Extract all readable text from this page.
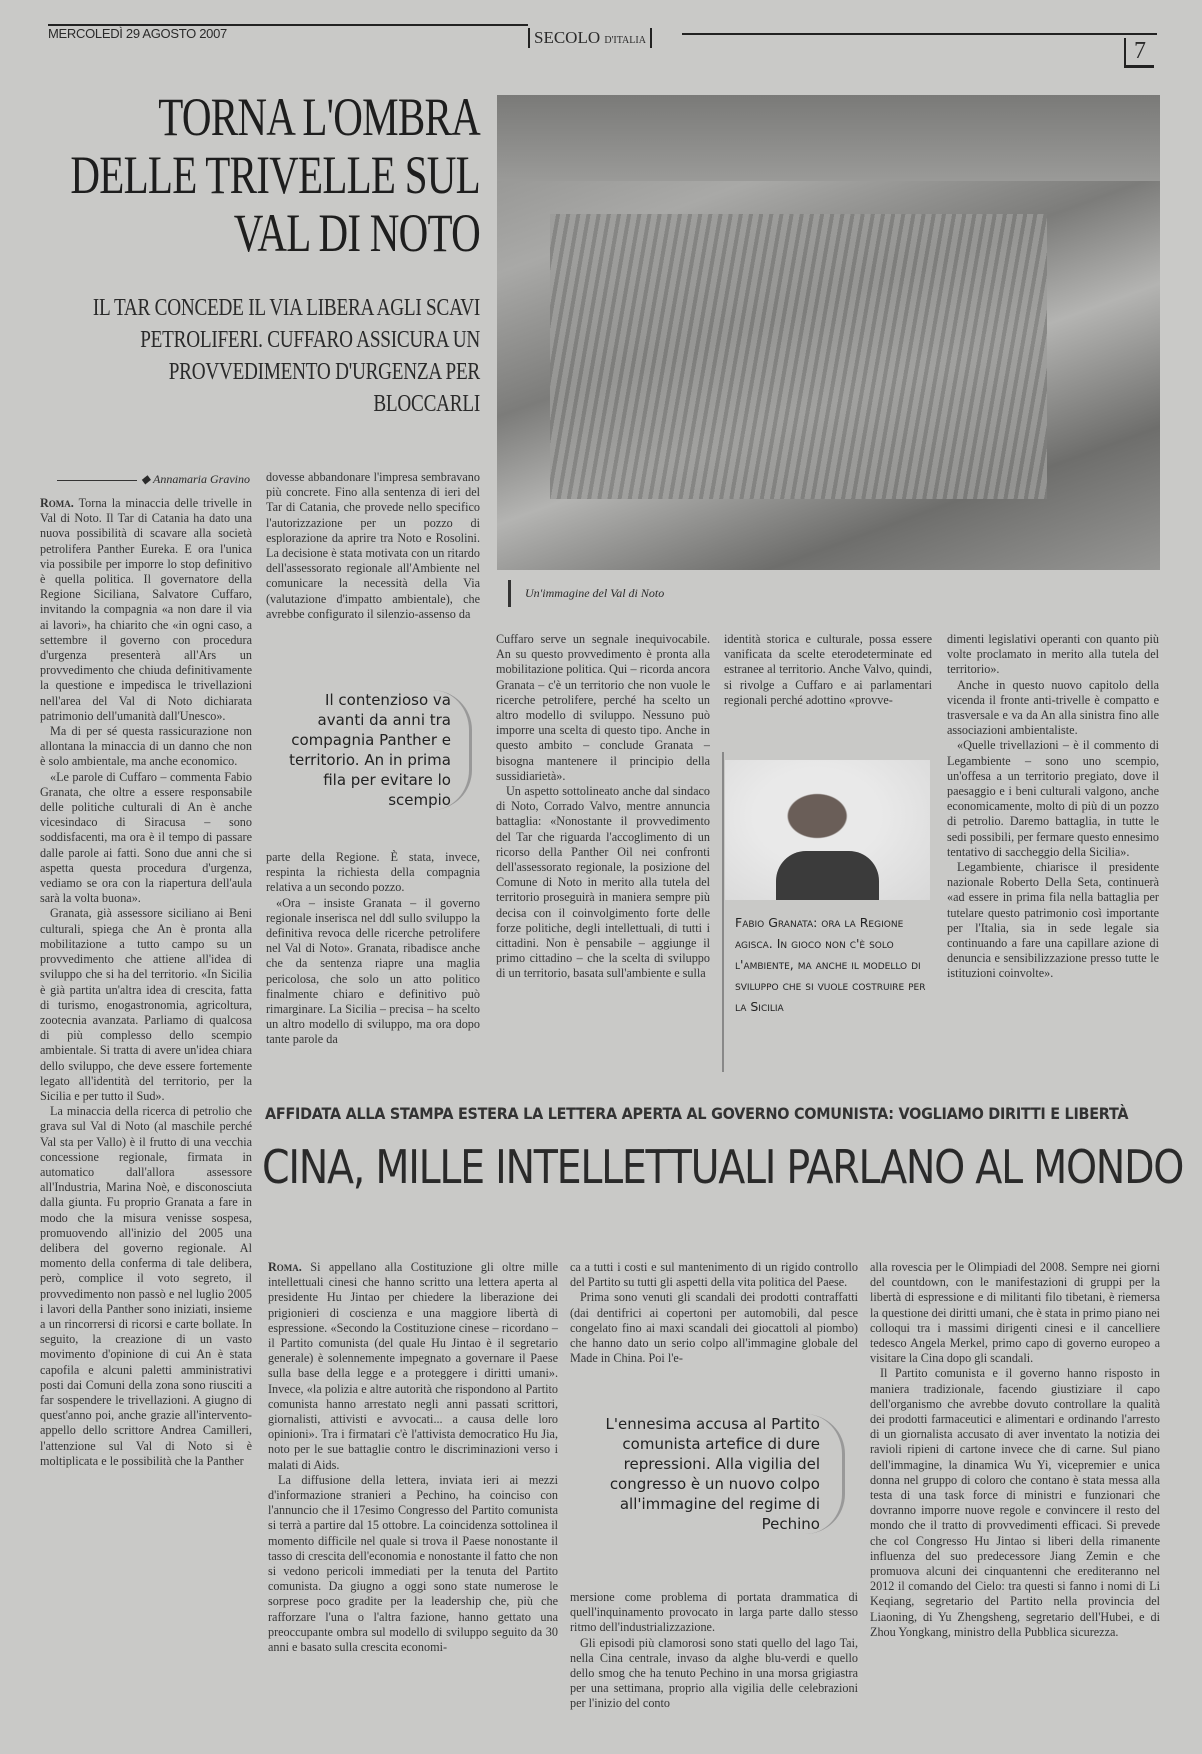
MERCOLEDÌ 29 AGOSTO 2007	SECOLO D'ITALIA	7
TORNA L'OMBRA DELLE TRIVELLE SUL VAL DI NOTO
IL TAR CONCEDE IL VIA LIBERA AGLI SCAVI PETROLIFERI. CUFFARO ASSICURA UN PROVVEDIMENTO D'URGENZA PER BLOCCARLI
Un'immagine del Val di Noto
◆ Annamaria Gravino

Roma. Torna la minaccia delle trivelle in Val di Noto. Il Tar di Catania ha dato una nuova possibilità di scavare alla società petrolifera Panther Eureka. E ora l'unica via possibile per imporre lo stop definitivo è quella politica. Il governatore della Regione Siciliana, Salvatore Cuffaro, invitando la compagnia «a non dare il via ai lavori», ha chiarito che «in ogni caso, a settembre il governo con procedura d'urgenza presenterà all'Ars un provvedimento che chiuda definitivamente la questione e impedisca le trivellazioni nell'area del Val di Noto dichiarata patrimonio dell'umanità dall'Unesco».

Ma di per sé questa rassicurazione non allontana la minaccia di un danno che non è solo ambientale, ma anche economico.

«Le parole di Cuffaro – commenta Fabio Granata, che oltre a essere responsabile delle politiche culturali di An è anche vicesindaco di Siracusa – sono soddisfacenti, ma ora è il tempo di passare dalle parole ai fatti. Sono due anni che si aspetta questa procedura d'urgenza, vediamo se ora con la riapertura dell'aula sarà la volta buona».

Granata, già assessore siciliano ai Beni culturali, spiega che An è pronta alla mobilitazione a tutto campo su un provvedimento che attiene all'idea di sviluppo che si ha del territorio. «In Sicilia è già partita un'altra idea di crescita, fatta di turismo, enogastronomia, agricoltura, zootecnia avanzata. Parliamo di qualcosa di più complesso dello scempio ambientale. Si tratta di avere un'idea chiara dello sviluppo, che deve essere fortemente legato all'identità del territorio, per la Sicilia e per tutto il Sud».

La minaccia della ricerca di petrolio che grava sul Val di Noto (al maschile perché Val sta per Vallo) è il frutto di una vecchia concessione regionale, firmata in automatico dall'allora assessore all'Industria, Marina Noè, e disconosciuta dalla giunta. Fu proprio Granata a fare in modo che la misura venisse sospesa, promuovendo all'inizio del 2005 una delibera del governo regionale. Al momento della conferma di tale delibera, però, complice il voto segreto, il provvedimento non passò e nel luglio 2005 i lavori della Panther sono iniziati, insieme a un rincorrersi di ricorsi e carte bollate. In seguito, la creazione di un vasto movimento d'opinione di cui An è stata capofila e alcuni paletti amministrativi posti dai Comuni della zona sono riusciti a far sospendere le trivellazioni. A giugno di quest'anno poi, anche grazie all'intervento-appello dello scrittore Andrea Camilleri, l'attenzione sul Val di Noto si è moltiplicata e le possibilità che la Panther

dovesse abbandonare l'impresa sembravano più concrete. Fino alla sentenza di ieri del Tar di Catania, che provede nello specifico l'autorizzazione per un pozzo di esplorazione da aprire tra Noto e Rosolini. La decisione è stata motivata con un ritardo dell'assessorato regionale all'Ambiente nel comunicare la necessità della Via (valutazione d'impatto ambientale), che avrebbe configurato il silenzio-assenso da

Il contenzioso va avanti da anni tra compagnia Panther e territorio. An in prima fila per evitare lo scempio

parte della Regione. È stata, invece, respinta la richiesta della compagnia relativa a un secondo pozzo.

«Ora – insiste Granata – il governo regionale inserisca nel ddl sullo sviluppo la definitiva revoca delle ricerche petrolifere nel Val di Noto». Granata, ribadisce anche che da sentenza riapre una maglia pericolosa, che solo un atto politico finalmente chiaro e definitivo può rimarginare. La Sicilia – precisa – ha scelto un altro modello di sviluppo, ma ora dopo tante parole da

Cuffaro serve un segnale inequivocabile. An su questo provvedimento è pronta alla mobilitazione politica. Qui – ricorda ancora Granata – c'è un territorio che non vuole le ricerche petrolifere, perché ha scelto un altro modello di sviluppo. Nessuno può imporre una scelta di questo tipo. Anche in questo ambito – conclude Granata – bisogna mantenere il principio della sussidiarietà».

Un aspetto sottolineato anche dal sindaco di Noto, Corrado Valvo, mentre annuncia battaglia: «Nonostante il provvedimento del Tar che riguarda l'accoglimento di un ricorso della Panther Oil nei confronti dell'assessorato regionale, la posizione del Comune di Noto in merito alla tutela del territorio proseguirà in maniera sempre più decisa con il coinvolgimento forte delle forze politiche, degli intellettuali, di tutti i cittadini. Non è pensabile – aggiunge il primo cittadino – che la scelta di sviluppo di un territorio, basata sull'ambiente e sulla

identità storica e culturale, possa essere vanificata da scelte eterodeterminate ed estranee al territorio. Anche Valvo, quindi, si rivolge a Cuffaro e ai parlamentari regionali perché adottino «provve-

Fabio Granata: ora la Regione agisca. In gioco non c'è solo l'ambiente, ma anche il modello di sviluppo che si vuole costruire per la Sicilia

dimenti legislativi operanti con quanto più volte proclamato in merito alla tutela del territorio».

Anche in questo nuovo capitolo della vicenda il fronte anti-trivelle è compatto e trasversale e va da An alla sinistra fino alle associazioni ambientaliste.

«Quelle trivellazioni – è il commento di Legambiente – sono uno scempio, un'offesa a un territorio pregiato, dove il paesaggio e i beni culturali valgono, anche economicamente, molto di più di un pozzo di petrolio. Daremo battaglia, in tutte le sedi possibili, per fermare questo ennesimo tentativo di saccheggio della Sicilia».

Legambiente, chiarisce il presidente nazionale Roberto Della Seta, continuerà «ad essere in prima fila nella battaglia per tutelare questo patrimonio così importante per l'Italia, sia in sede legale sia continuando a fare una capillare azione di denuncia e sensibilizzazione presso tutte le istituzioni coinvolte».

AFFIDATA ALLA STAMPA ESTERA LA LETTERA APERTA AL GOVERNO COMUNISTA: VOGLIAMO DIRITTI E LIBERTÀ
CINA, MILLE INTELLETTUALI PARLANO AL MONDO

Roma. Si appellano alla Costituzione gli oltre mille intellettuali cinesi che hanno scritto una lettera aperta al presidente Hu Jintao per chiedere la liberazione dei prigionieri di coscienza e una maggiore libertà di espressione. «Secondo la Costituzione cinese – ricordano – il Partito comunista (del quale Hu Jintao è il segretario generale) è solennemente impegnato a governare il Paese sulla base della legge e a proteggere i diritti umani». Invece, «la polizia e altre autorità che rispondono al Partito comunista hanno arrestato negli anni passati scrittori, giornalisti, attivisti e avvocati... a causa delle loro opinioni». Tra i firmatari c'è l'attivista democratico Hu Jia, noto per le sue battaglie contro le discriminazioni verso i malati di Aids.

La diffusione della lettera, inviata ieri ai mezzi d'informazione stranieri a Pechino, ha coinciso con l'annuncio che il 17esimo Congresso del Partito comunista si terrà a partire dal 15 ottobre. La coincidenza sottolinea il momento difficile nel quale si trova il Paese nonostante il tasso di crescita dell'economia e nonostante il fatto che non si vedono pericoli immediati per la tenuta del Partito comunista. Da giugno a oggi sono state numerose le sorprese poco gradite per la leadership che, più che rafforzare l'una o l'altra fazione, hanno gettato una preoccupante ombra sul modello di sviluppo seguito da 30 anni e basato sulla crescita economi-

ca a tutti i costi e sul mantenimento di un rigido controllo del Partito su tutti gli aspetti della vita politica del Paese.

Prima sono venuti gli scandali dei prodotti contraffatti (dai dentifrici ai copertoni per automobili, dal pesce congelato fino ai maxi scandali dei giocattoli al piombo) che hanno dato un serio colpo all'immagine globale del Made in China. Poi l'e-

L'ennesima accusa al Partito comunista artefice di dure repressioni. Alla vigilia del congresso è un nuovo colpo all'immagine del regime di Pechino

mersione come problema di portata drammatica di quell'inquinamento provocato in larga parte dallo stesso ritmo dell'industrializzazione.

Gli episodi più clamorosi sono stati quello del lago Tai, nella Cina centrale, invaso da alghe blu-verdi e quello dello smog che ha tenuto Pechino in una morsa grigiastra per una settimana, proprio alla vigilia delle celebrazioni per l'inizio del conto

alla rovescia per le Olimpiadi del 2008. Sempre nei giorni del countdown, con le manifestazioni di gruppi per la libertà di espressione e di militanti filo tibetani, è riemersa la questione dei diritti umani, che è stata in primo piano nei colloqui tra i massimi dirigenti cinesi e il cancelliere tedesco Angela Merkel, primo capo di governo europeo a visitare la Cina dopo gli scandali.

Il Partito comunista e il governo hanno risposto in maniera tradizionale, facendo giustiziare il capo dell'organismo che avrebbe dovuto controllare la qualità dei prodotti farmaceutici e alimentari e ordinando l'arresto di un giornalista accusato di aver inventato la notizia dei ravioli ripieni di cartone invece che di carne. Sul piano dell'immagine, la dinamica Wu Yi, vicepremier e unica donna nel gruppo di coloro che contano è stata messa alla testa di una task force di ministri e funzionari che dovranno imporre nuove regole e convincere il resto del mondo che il tratto di provvedimenti efficaci. Si prevede che col Congresso Hu Jintao si liberi della rimanente influenza del suo predecessore Jiang Zemin e che promuova alcuni dei cinquantenni che erediteranno nel 2012 il comando del Cielo: tra questi si fanno i nomi di Li Keqiang, segretario del Partito nella provincia del Liaoning, di Yu Zhengsheng, segretario dell'Hubei, e di Zhou Yongkang, ministro della Pubblica sicurezza.
